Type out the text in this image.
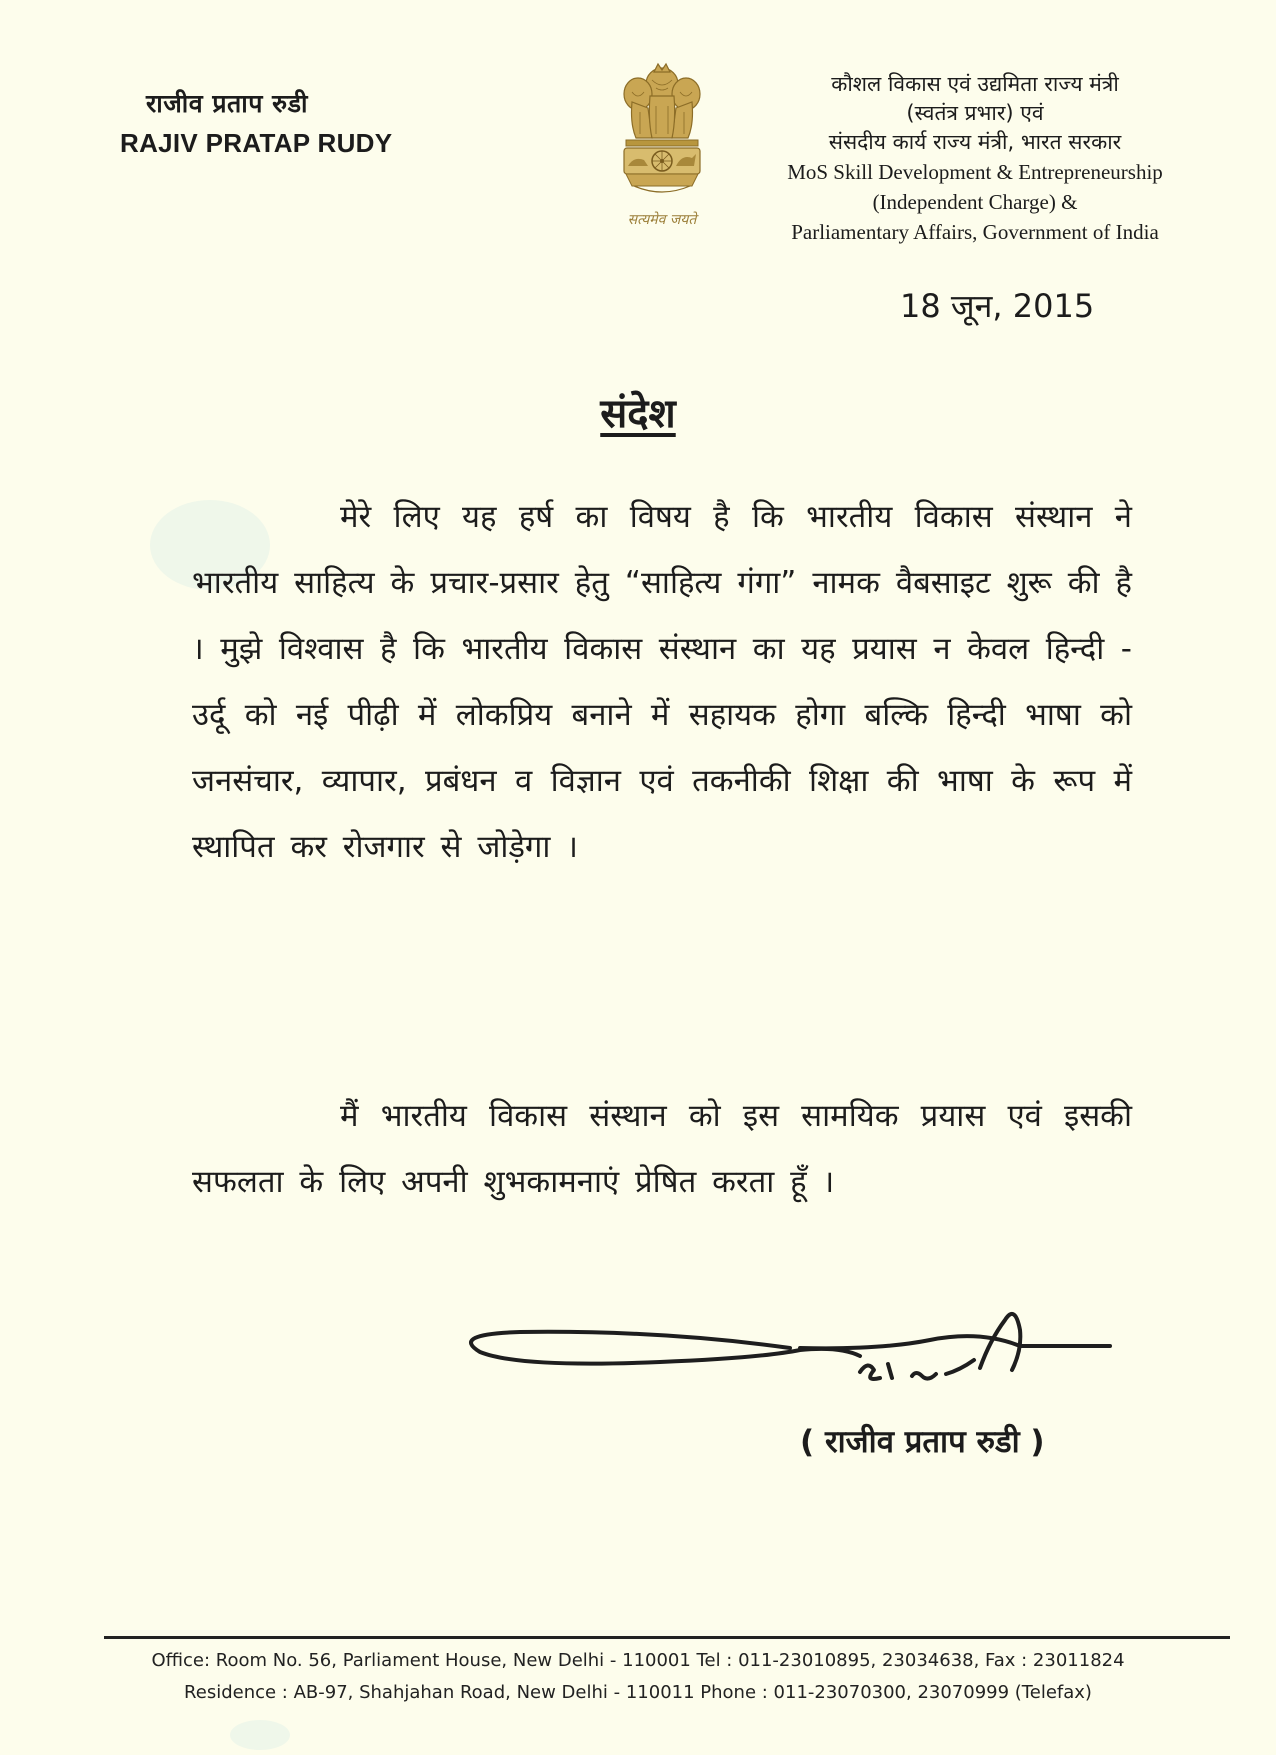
राजीव प्रताप रुडी
RAJIV PRATAP RUDY
सत्यमेव जयते
कौशल विकास एवं उद्यमिता राज्य मंत्री
(स्वतंत्र प्रभार) एवं
संसदीय कार्य राज्य मंत्री, भारत सरकार
MoS Skill Development & Entrepreneurship
(Independent Charge) &
Parliamentary Affairs, Government of India
18 जून, 2015
संदेश
मेरे लिए यह हर्ष का विषय है कि भारतीय विकास संस्थान ने भारतीय साहित्य के प्रचार-प्रसार हेतु “साहित्य गंगा” नामक वैबसाइट शुरू की है । मुझे विश्वास है कि भारतीय विकास संस्थान का यह प्रयास न केवल हिन्दी - उर्दू को नई पीढ़ी में लोकप्रिय बनाने में सहायक होगा बल्कि हिन्दी भाषा को जनसंचार, व्यापार, प्रबंधन व विज्ञान एवं तकनीकी शिक्षा की भाषा के रूप में स्थापित कर रोजगार से जोड़ेगा ।
मैं भारतीय विकास संस्थान को इस सामयिक प्रयास एवं इसकी सफलता के लिए अपनी शुभकामनाएं प्रेषित करता हूँ ।
( राजीव प्रताप रुडी )
Office: Room No. 56, Parliament House, New Delhi - 110001 Tel : 011-23010895, 23034638, Fax : 23011824
Residence : AB-97, Shahjahan Road, New Delhi - 110011 Phone : 011-23070300, 23070999 (Telefax)
